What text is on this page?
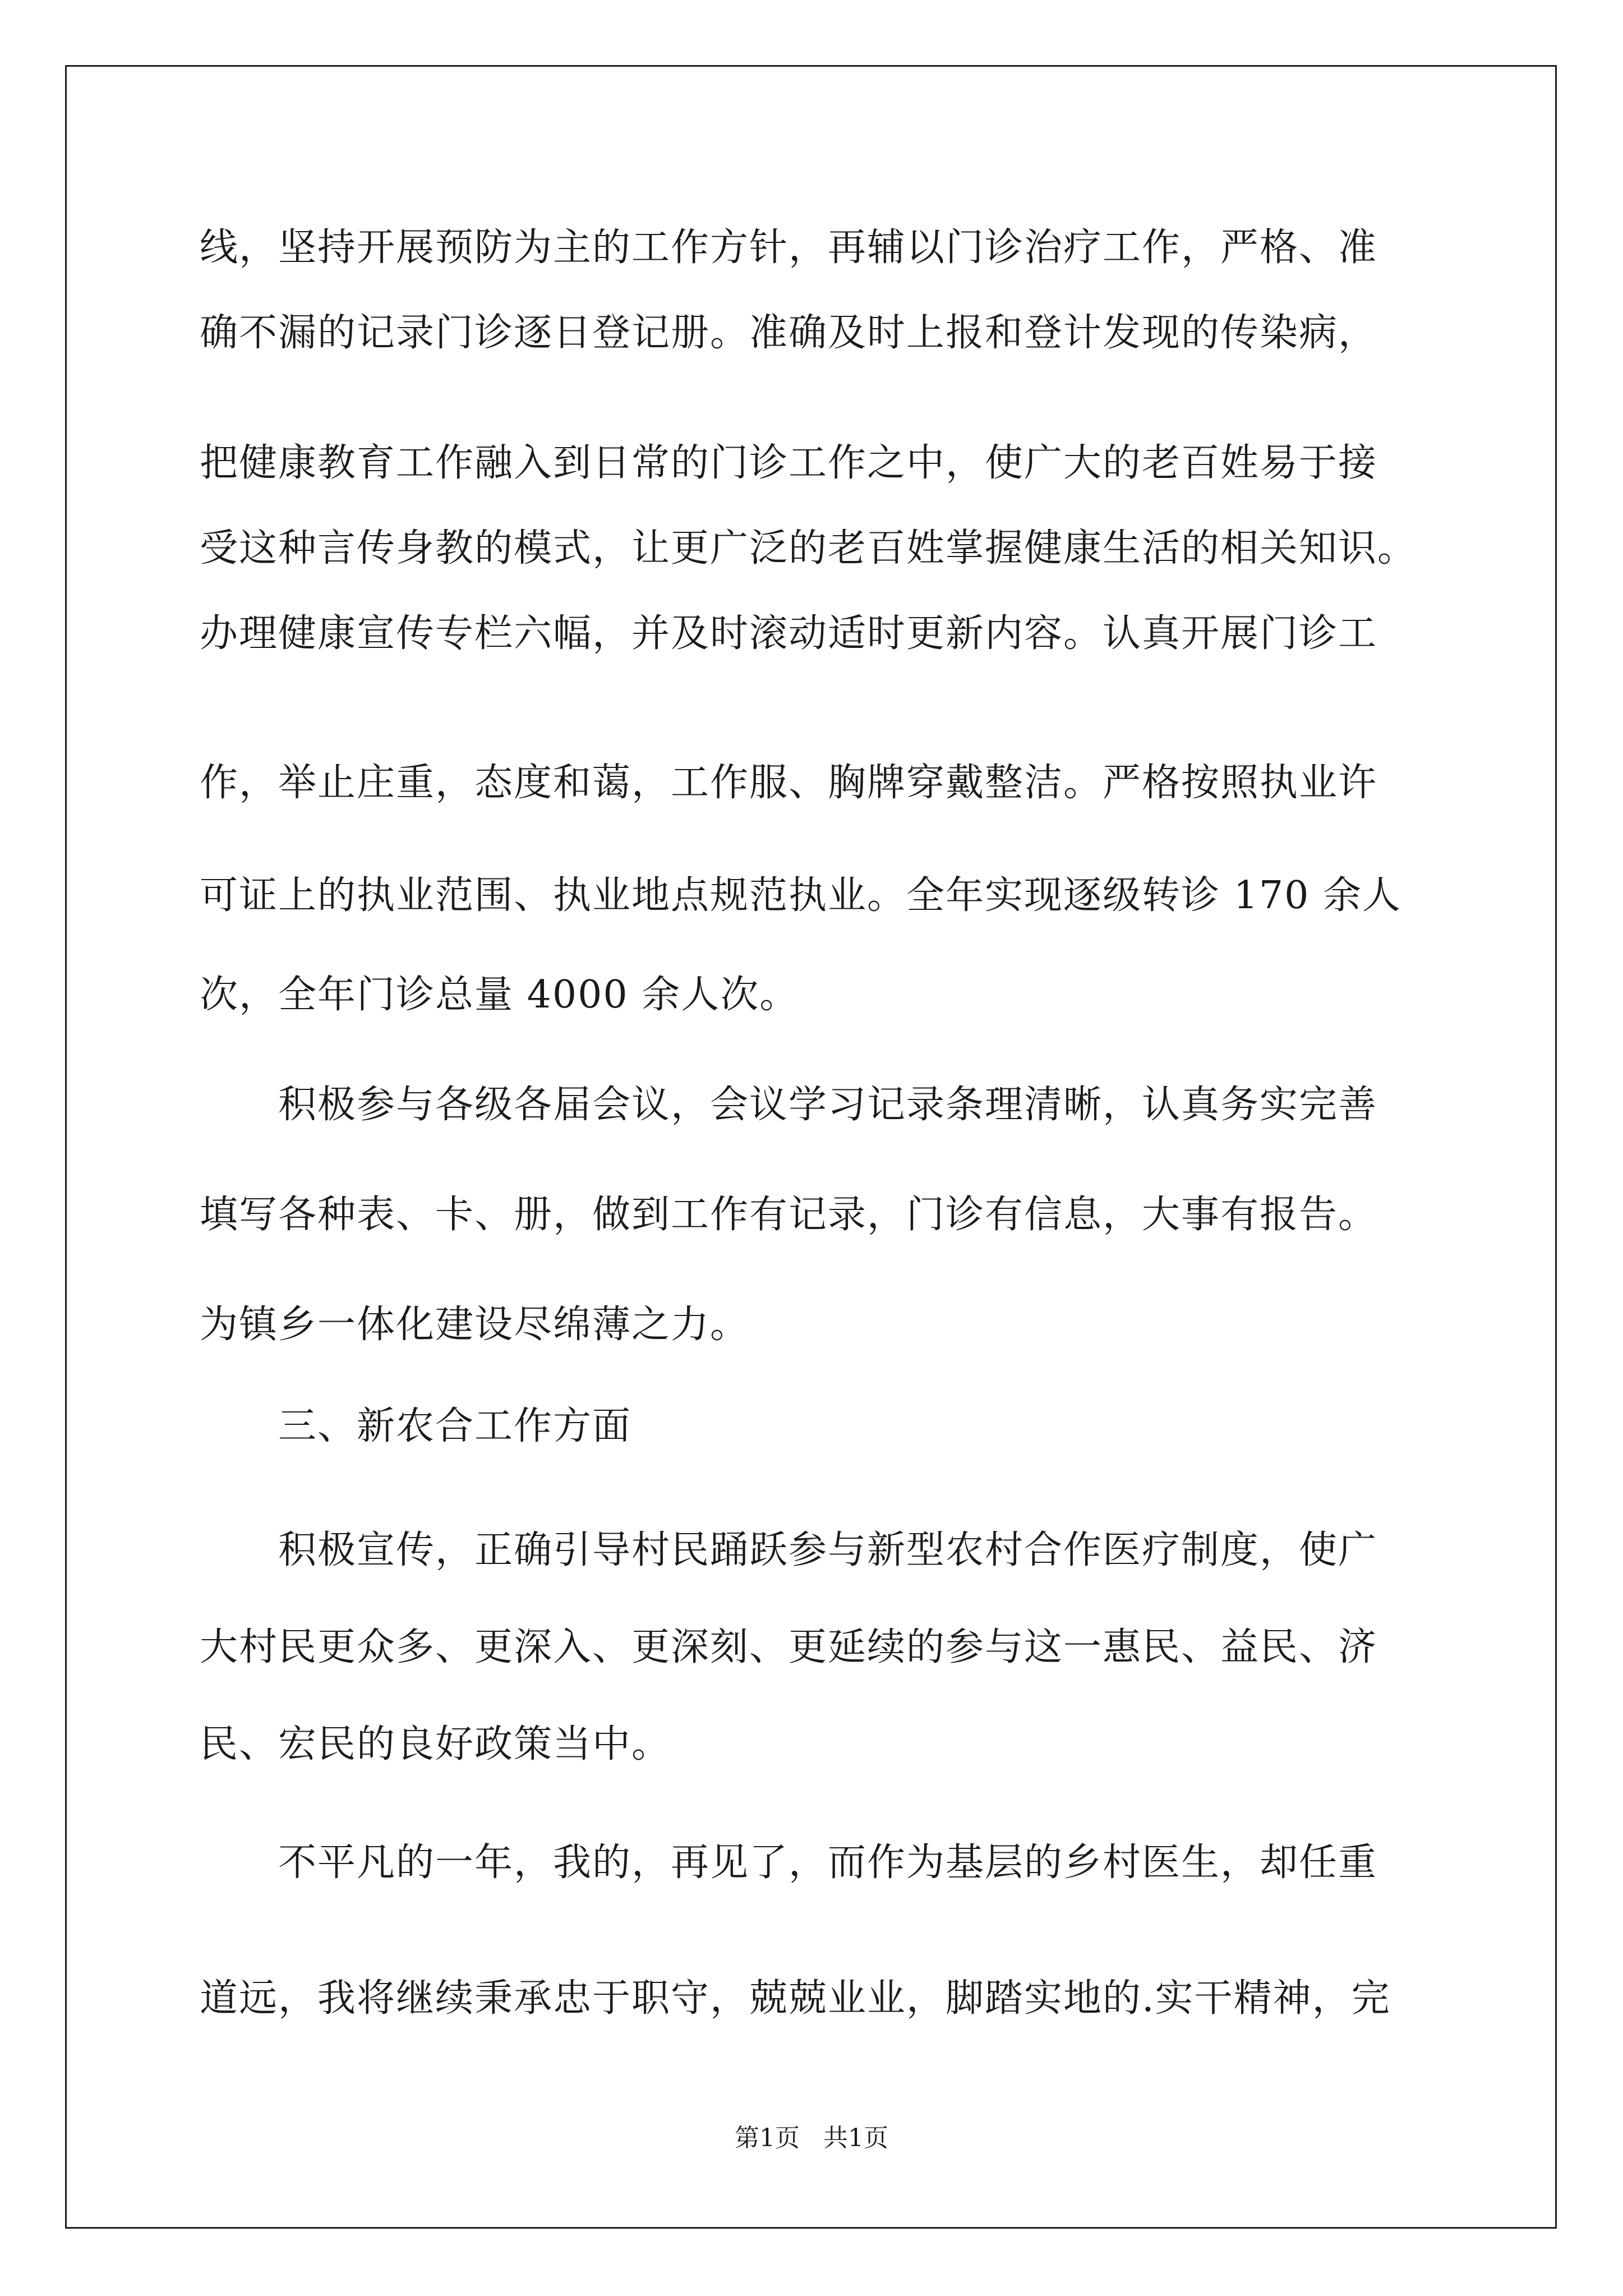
线，坚持开展预防为主的工作方针，再辅以门诊治疗工作，严格、准
确不漏的记录门诊逐日登记册。准确及时上报和登计发现的传染病，
把健康教育工作融入到日常的门诊工作之中，使广大的老百姓易于接
受这种言传身教的模式，让更广泛的老百姓掌握健康生活的相关知识。
办理健康宣传专栏六幅，并及时滚动适时更新内容。认真开展门诊工
作，举止庄重，态度和蔼，工作服、胸牌穿戴整洁。严格按照执业许
可证上的执业范围、执业地点规范执业。全年实现逐级转诊 170 余人
次，全年门诊总量 4000 余人次。
积极参与各级各届会议，会议学习记录条理清晰，认真务实完善
填写各种表、卡、册，做到工作有记录，门诊有信息，大事有报告。
为镇乡一体化建设尽绵薄之力。
三、新农合工作方面
积极宣传，正确引导村民踊跃参与新型农村合作医疗制度，使广
大村民更众多、更深入、更深刻、更延续的参与这一惠民、益民、济
民、宏民的良好政策当中。
不平凡的一年，我的，再见了，而作为基层的乡村医生，却任重
道远，我将继续秉承忠于职守，兢兢业业，脚踏实地的.实干精神，完
第1页   共1页
